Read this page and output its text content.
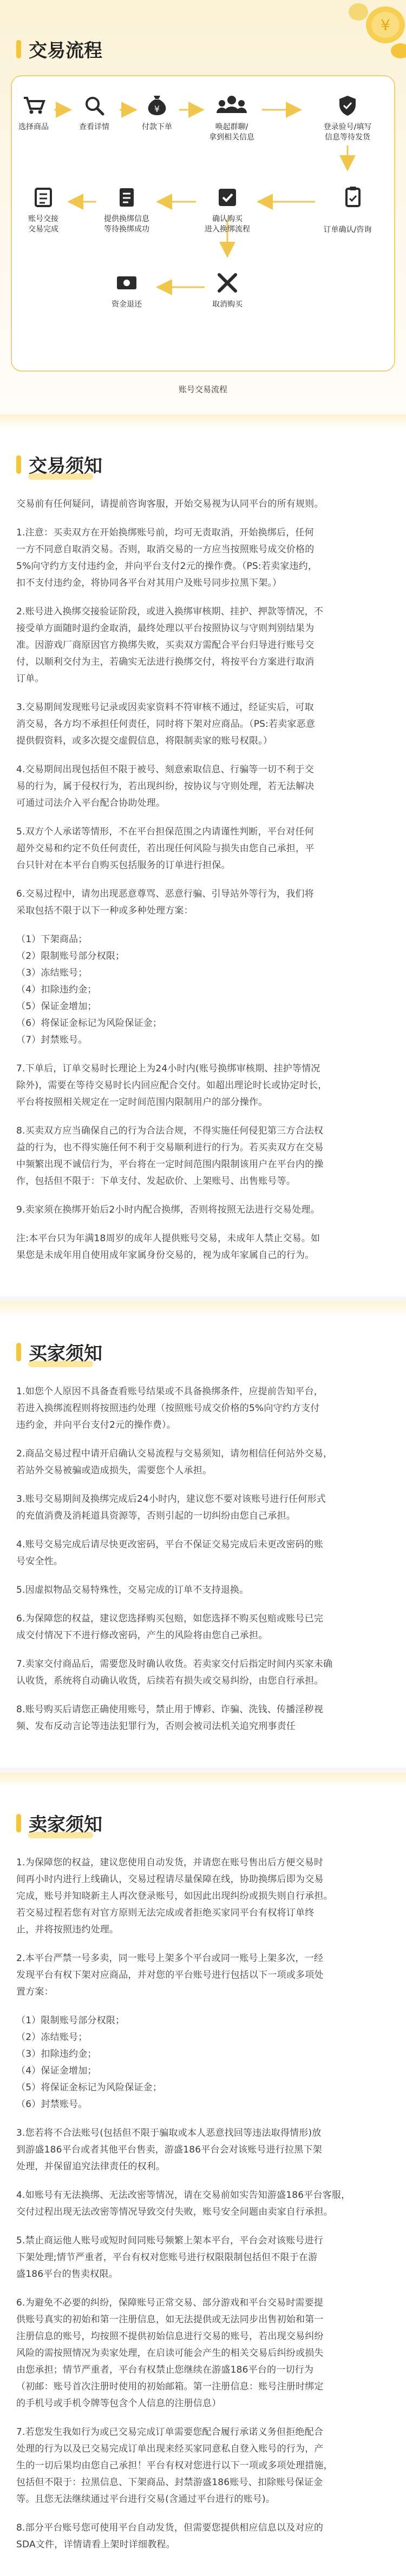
¥
交易流程
¥
选择商品	查看详情	付款下单	唤起群聊/
拿到相关信息
登录验号/填写
信息等待发货
订单确认/咨询
确认购买
进入换绑流程
提供换绑信息
等待换绑成功
账号交接
交易完成
取消购买
资金退还
账号交易流程
交易须知
交易前有任何疑问，请提前咨询客服，开始交易视为认同平台的所有规则。
1.注意：买卖双方在开始换绑账号前，均可无责取消，开始换绑后，任何
一方不同意自取消交易。否则，取消交易的一方应当按照账号成交价格的
5%向守约方支付违约金，并向平台支付2元的操作费。（PS:若卖家违约，
扣不支付违约金，将协同各平台对其用户及账号同步拉黑下架。）
2.账号进入换绑交接验证阶段，或进入换绑审核期、挂护、押款等情况，不
接受单方面随时退约金取消，最终处理以平台按照协议与守则判别结果为
准。因游戏厂商原因官方换绑失败，买卖双方需配合平台归导进行账号交
付，以顺利交付为主，若确实无法进行换绑交付，将按平台方案进行取消
订单。
3.交易期间发现账号记录或因卖家资料不符审核不通过，经证实后，可取
消交易，各方均不承担任何责任，同时将下架对应商品。（PS:若卖家恶意
提供假资料，或多次提交虚假信息，将限制卖家的账号权限。）
4.交易期间出现包括但不限于被号、刻意索取信息、行骗等一切不利于交
易的行为，属于侵权行为，若出现纠纷，按协议与守则处理，若无法解决
可通过司法介入平台配合协助处理。
5.双方个人承诺等情形，不在平台担保范围之内请谨性判断，平台对任何
超外交易和约定不负任何责任，若出现任何风险与损失由您自己承担，平
台只针对在本平台自购买包括服务的订单进行担保。
6.交易过程中，请勿出现恶意尊骂、恶意行骗、引导站外等行为，我们将
采取包括不限于以下一种或多种处理方案：
（1）下架商品；
（2）限制账号部分权限；
（3）冻结账号；
（4）扣除违约金；
（5）保证金增加；
（6）将保证金标记为风险保证金；
（7）封禁账号。
7.下单后，订单交易时长理论上为24小时内(账号换绑审核期、挂护等情况
除外)，需要在等待交易时长内回应配合交付。如超出理论时长或协定时长，
平台将按照相关规定在一定时间范围内限制用户的部分操作。
8.买卖双方应当确保自己的行为合法合规，不得实施任何侵犯第三方合法权
益的行为，也不得实施任何不利于交易顺利进行的行为。若买卖双方在交易
中频繁出现不诚信行为，平台将在一定时间范围内限制该用户在平台内的操
作，包括但不限于：下单支付、发起砍价、上架账号、出售账号等。
9.卖家须在换绑开始后2小时内配合换绑，否则将按照无法进行交易处理。
注:本平台只为年满18周岁的成年人提供账号交易，未成年人禁止交易。如
果您是未成年用自使用成年家属身份交易的，视为成年家属自己的行为。
买家须知
1.如您个人原因不具备查看账号结果或不具备换绑条件，应提前告知平台，
若进入换绑流程则将按照违约处理（按照账号成交价格的5%向守约方支付
违约金，并向平台支付2元的操作费）。
2.商品交易过程中请开启确认交易流程与交易须知，请勿相信任何站外交易，
若站外交易被骗或造成损失，需要您个人承担。
3.账号交易期间及换绑完成后24小时内，建议您不要对该账号进行任何形式
的充值消费及消耗道具资源等，否则引起的一切纠纷由您自己承担。
4.账号交易完成后请尽快更改密码，平台不保证交易完成后未更改密码的账
号安全性。
5.因虚拟物品交易特殊性，交易完成的订单不支持退换。
6.为保障您的权益，建议您选择购买包赔，如您选择不购买包赔或账号已完
成交付情况下不进行修改密码，产生的风险将由您自己承担。
7.卖家交付商品后，需要您及时确认收货。若卖家交付后指定时间内买家未确
认收货，系统将自动确认收货，后续若有损失或交易纠纷，由您自行承担。
8.账号购买后请您正确使用账号，禁止用于博彩、诈骗、洗钱、传播淫秽视
频、发布反动言论等违法犯罪行为，否则会被司法机关追究刑事责任
卖家须知
1.为保障您的权益，建议您使用自动发货，并请您在账号售出后方便交易时
间再小时内进行上线确认，交易过程请尽量保障在线，协助换绑后即为交易
完成，账号并知晓新主人再次登录账号，如因此出现纠纷或损失则自行承担。
若交易过程若您有对官方原则无法完成或者拒绝买家同平台有权将订单终
止，并将按照违约处理。
2.本平台严禁一号多卖，同一账号上架多个平台或同一账号上架多次，一经
发现平台有权下架对应商品，并对您的平台账号进行包括以下一项或多项处
置方案：
（1）限制账号部分权限；
（2）冻结账号；
（3）扣除违约金；
（4）保证金增加；
（5）将保证金标记为风险保证金；
（6）封禁账号。
3.您若将不合法账号(包括但不限于骗取或本人恶意找回等违法取得情形)放
到游盛186平台或者其他平台售卖，游盛186平台会对该账号进行拉黑下架
处理，并保留追究法律责任的权利。
4.如账号有无法换绑、无法改密等情况，请在交易前如实告知游盛186平台客服，
交付过程出现无法改密等情况导致交付失败，账号安全问题由卖家自行承担。
5.禁止商运他人账号或短时间同账号频繁上架本平台，平台会对该账号进行
下架处理;情节严重者，平台有权对您账号进行权限限制包括但不限于在游
盛186平台的售卖权限。
6.为避免不必要的纠纷，保障账号正常交易、部分游戏和平台交易时需要提
供账号真实的初始和第一注册信息，如无法提供或无法同步出售初始和第一
注册信息的账号，均按照不提供初始信息进行交易的账号，若出现交易纠纷
风险的需按照情况为卖家处理，在启读可能会产生的相关交易后纠纷或损失
由您承担；情节严重者，平台有权禁止您继续在游盛186平台的一切行为
（初邮：账号首次注册时使用的初始邮箱。第一注册信息：账号注册时绑定
的手机号或手机令牌等包含个人信息的注册信息）
7.若您发生我如行为或已交易完成订单需要您配合履行承诺义务但拒绝配合
处理的行为以及已交易完成订单出现来经买家同意私自登入账号的行为，产
生的一切后果均由您自己承担！平台有权对您进行以下一项或多项处理措施，
包括但不限于：拉黑信息、下架商品、封禁游盛186账号、扣除账号保证金
等。且您无法继续通过平台进行交易(含通过平台进行的账号)。
8.部分平台账号您可使用平台自动发货，但需要您提供相应信息以及对应的
SDA文件，详情请看上架时详细教程。
